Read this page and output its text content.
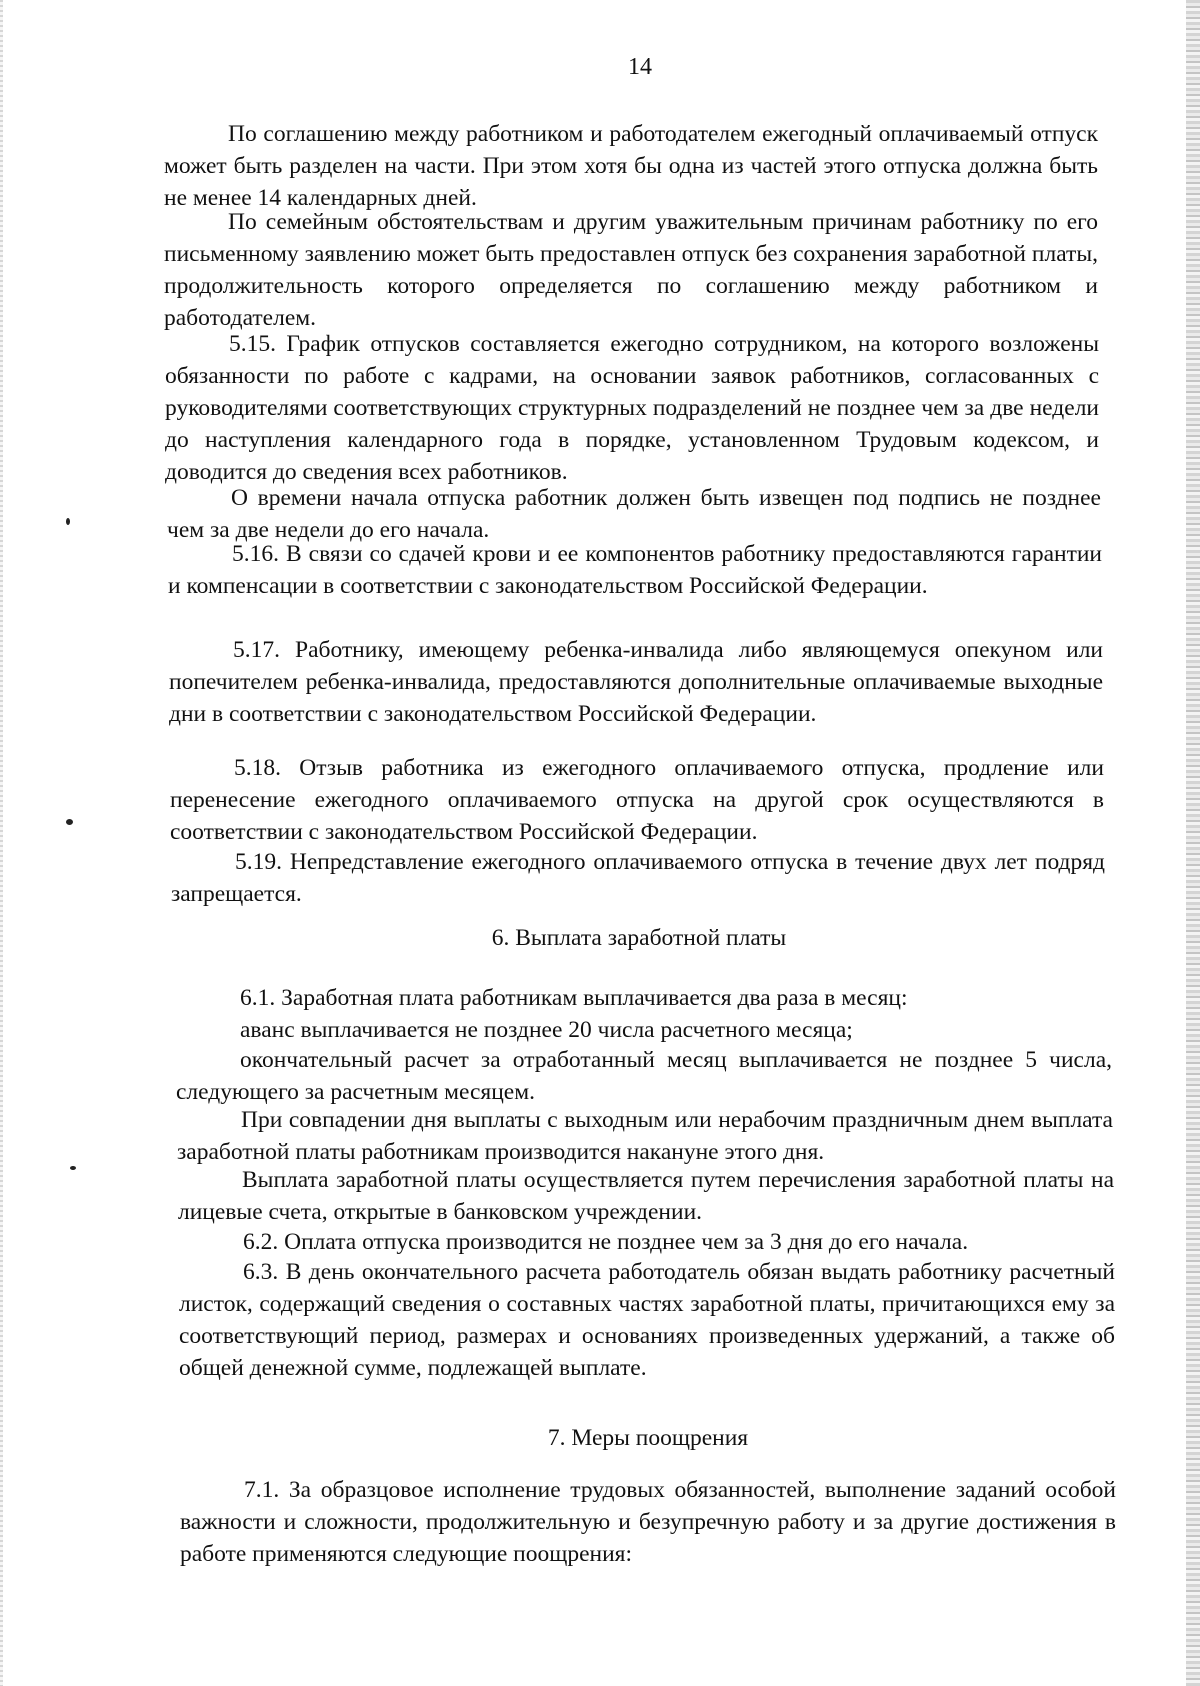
14

По соглашению между работником и работодателем ежегодный оплачиваемый отпуск может быть разделен на части. При этом хотя бы одна из частей этого отпуска должна быть не менее 14 календарных дней.

По семейным обстоятельствам и другим уважительным причинам работнику по его письменному заявлению может быть предоставлен отпуск без сохранения заработной платы, продолжительность которого определяется по соглашению между работником и работодателем.

5.15. График отпусков составляется ежегодно сотрудником, на которого возложены обязанности по работе с кадрами, на основании заявок работников, согласованных с руководителями соответствующих структурных подразделений не позднее чем за две недели до наступления календарного года в порядке, установленном Трудовым кодексом, и доводится до сведения всех работников.

О времени начала отпуска работник должен быть извещен под подпись не позднее чем за две недели до его начала.

5.16. В связи со сдачей крови и ее компонентов работнику предоставляются гарантии и компенсации в соответствии с законодательством Российской Федерации.

5.17. Работнику, имеющему ребенка-инвалида либо являющемуся опекуном или попечителем ребенка-инвалида, предоставляются дополнительные оплачиваемые выходные дни в соответствии с законодательством Российской Федерации.

5.18. Отзыв работника из ежегодного оплачиваемого отпуска, продление или перенесение ежегодного оплачиваемого отпуска на другой срок осуществляются в соответствии с законодательством Российской Федерации.

5.19. Непредставление ежегодного оплачиваемого отпуска в течение двух лет подряд запрещается.

6. Выплата заработной платы

6.1. Заработная плата работникам выплачивается два раза в месяц:

аванс выплачивается не позднее 20 числа расчетного месяца;

окончательный расчет за отработанный месяц выплачивается не позднее 5 числа, следующего за расчетным месяцем.

При совпадении дня выплаты с выходным или нерабочим праздничным днем выплата заработной платы работникам производится накануне этого дня.

Выплата заработной платы осуществляется путем перечисления заработной платы на лицевые счета, открытые в банковском учреждении.

6.2. Оплата отпуска производится не позднее чем за 3 дня до его начала.

6.3. В день окончательного расчета работодатель обязан выдать работнику расчетный листок, содержащий сведения о составных частях заработной платы, причитающихся ему за соответствующий период, размерах и основаниях произведенных удержаний, а также об общей денежной сумме, подлежащей выплате.

7. Меры поощрения

7.1. За образцовое исполнение трудовых обязанностей, выполнение заданий особой важности и сложности, продолжительную и безупречную работу и за другие достижения в работе применяются следующие поощрения:
